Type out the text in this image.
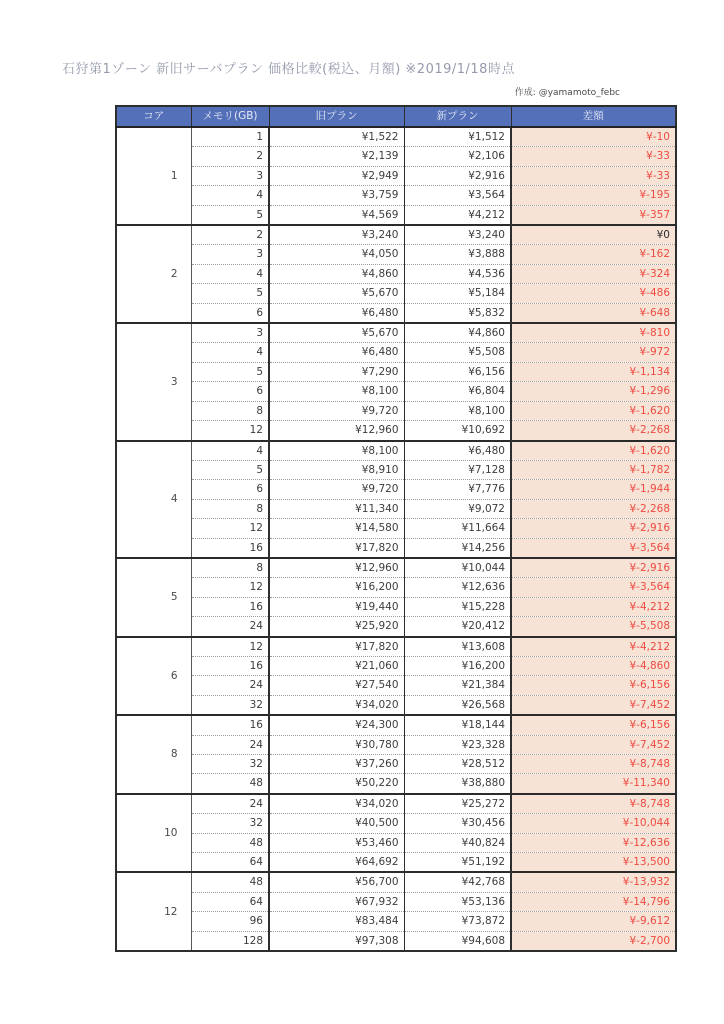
石狩第1ゾーン 新旧サーバプラン 価格比較(税込、月額) ※2019/1/18時点
作成: @yamamoto_febc
コア	メモリ(GB)	旧プラン	新プラン	差額
1	1	¥1,522	¥1,512	¥-10
	2	¥2,139	¥2,106	¥-33
	3	¥2,949	¥2,916	¥-33
	4	¥3,759	¥3,564	¥-195
	5	¥4,569	¥4,212	¥-357
2	2	¥3,240	¥3,240	¥0
	3	¥4,050	¥3,888	¥-162
	4	¥4,860	¥4,536	¥-324
	5	¥5,670	¥5,184	¥-486
	6	¥6,480	¥5,832	¥-648
3	3	¥5,670	¥4,860	¥-810
	4	¥6,480	¥5,508	¥-972
	5	¥7,290	¥6,156	¥-1,134
	6	¥8,100	¥6,804	¥-1,296
	8	¥9,720	¥8,100	¥-1,620
	12	¥12,960	¥10,692	¥-2,268
4	4	¥8,100	¥6,480	¥-1,620
	5	¥8,910	¥7,128	¥-1,782
	6	¥9,720	¥7,776	¥-1,944
	8	¥11,340	¥9,072	¥-2,268
	12	¥14,580	¥11,664	¥-2,916
	16	¥17,820	¥14,256	¥-3,564
5	8	¥12,960	¥10,044	¥-2,916
	12	¥16,200	¥12,636	¥-3,564
	16	¥19,440	¥15,228	¥-4,212
	24	¥25,920	¥20,412	¥-5,508
6	12	¥17,820	¥13,608	¥-4,212
	16	¥21,060	¥16,200	¥-4,860
	24	¥27,540	¥21,384	¥-6,156
	32	¥34,020	¥26,568	¥-7,452
8	16	¥24,300	¥18,144	¥-6,156
	24	¥30,780	¥23,328	¥-7,452
	32	¥37,260	¥28,512	¥-8,748
	48	¥50,220	¥38,880	¥-11,340
10	24	¥34,020	¥25,272	¥-8,748
	32	¥40,500	¥30,456	¥-10,044
	48	¥53,460	¥40,824	¥-12,636
	64	¥64,692	¥51,192	¥-13,500
12	48	¥56,700	¥42,768	¥-13,932
	64	¥67,932	¥53,136	¥-14,796
	96	¥83,484	¥73,872	¥-9,612
	128	¥97,308	¥94,608	¥-2,700
